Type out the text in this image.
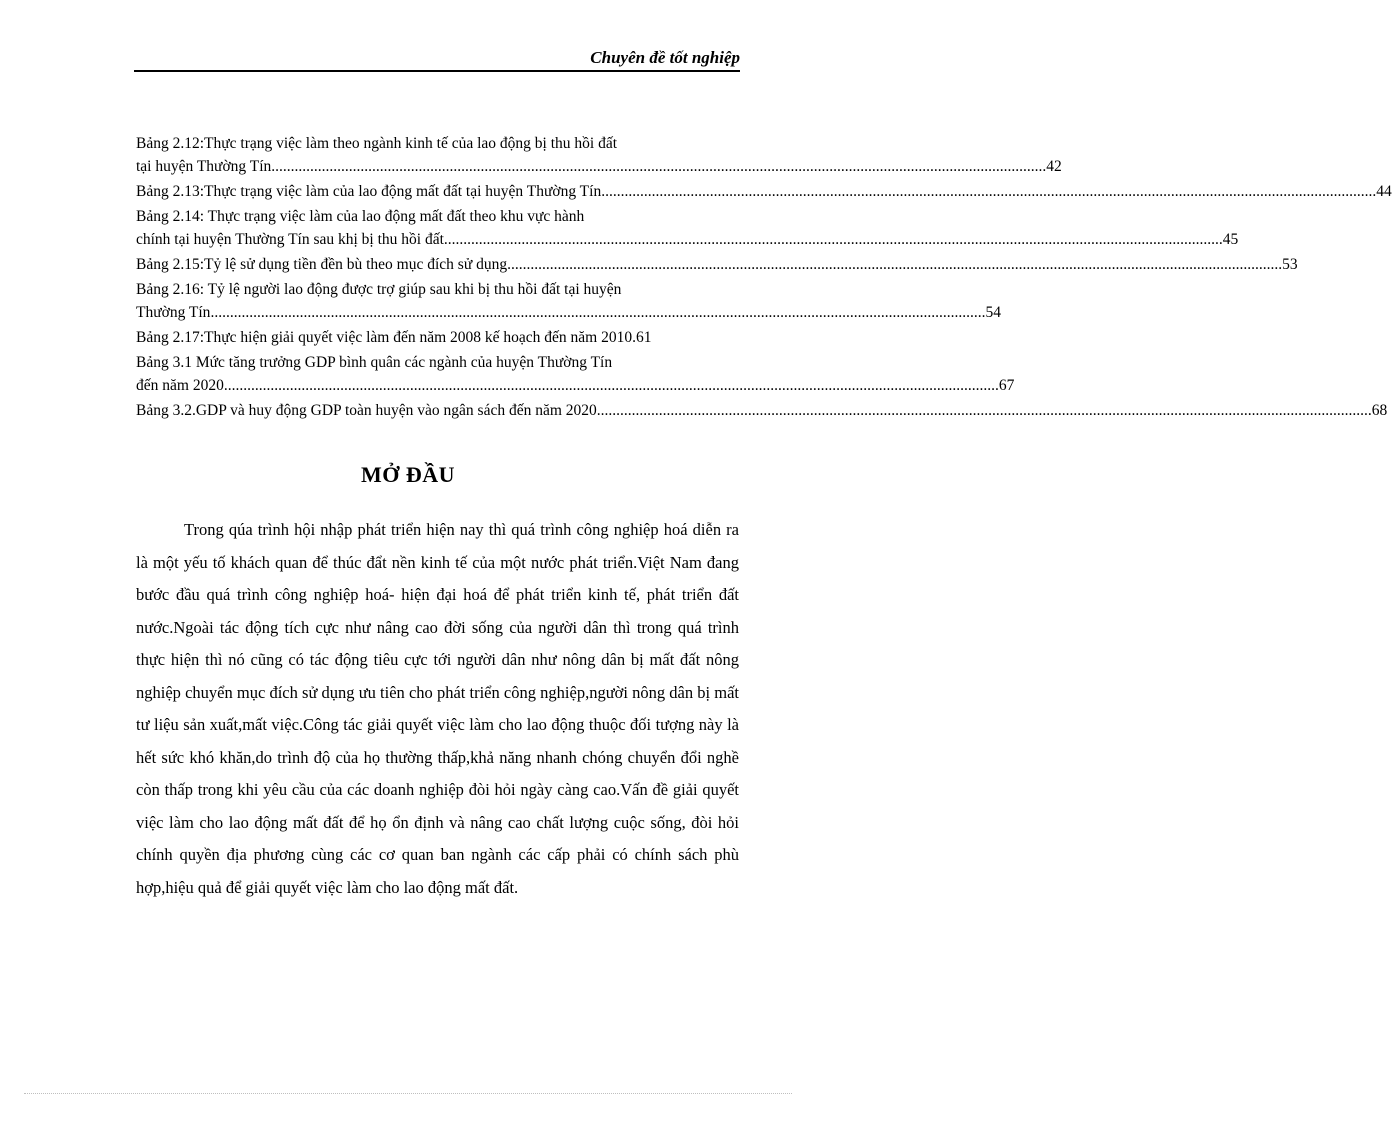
Chuyên đề tốt nghiệp
Bảng 2.12:Thực trạng việc làm theo ngành kinh tế của lao động bị thu hồi đất
tại huyện Thường Tín .....	42
Bảng 2.13:Thực trạng việc làm của lao động mất đất tại huyện Thường Tín .....	44
Bảng 2.14: Thực trạng việc làm của lao động mất đất theo khu vực hành
chính tại huyện Thường Tín sau khị bị thu hồi đất. .....	45
Bảng 2.15:Tỷ lệ sử dụng tiền đền bù theo mục đích sử dụng .....	53
Bảng 2.16: Tỷ lệ người lao động được trợ giúp sau khi bị thu hồi đất tại huyện
Thường Tín .....	54
Bảng 2.17:Thực hiện giải quyết việc làm đến năm 2008 kế hoạch đến năm 2010.61
Bảng 3.1 Mức tăng trưởng GDP bình quân các ngành của huyện Thường Tín
đến năm 2020 .....	67
Bảng 3.2.GDP và huy động GDP toàn huyện vào ngân sách đến năm 2020 .....	68
MỞ ĐẦU

Trong qúa trình hội nhập phát triển hiện nay thì quá trình công nghiệp hoá diễn ra là một yếu tố khách quan để thúc đẩt nền kinh tế của một nước phát triển.Việt Nam đang bước đầu quá trình công nghiệp hoá- hiện đại hoá để phát triển kinh tế, phát triển đất nước.Ngoài tác động tích cực như nâng cao đời sống của người dân thì trong quá trình thực hiện thì nó cũng có tác động tiêu cực tới người dân như nông dân bị mất đất nông nghiệp chuyển mục đích sử dụng ưu tiên cho phát triển công nghiệp,người nông dân bị mất tư liệu sản xuất,mất việc.Công tác giải quyết việc làm cho lao động thuộc đối tượng này là hết sức khó khăn,do trình độ của họ thường thấp,khả năng nhanh chóng chuyển đổi nghề còn thấp trong khi yêu cầu của các doanh nghiệp đòi hỏi ngày càng cao.Vấn đề giải quyết việc làm cho lao động mất đất để họ ổn định và nâng cao chất lượng cuộc sống, đòi hỏi chính quyền địa phương cùng các cơ quan ban ngành các cấp phải có chính sách phù hợp,hiệu quả để giải quyết việc làm cho lao động mất đất.
